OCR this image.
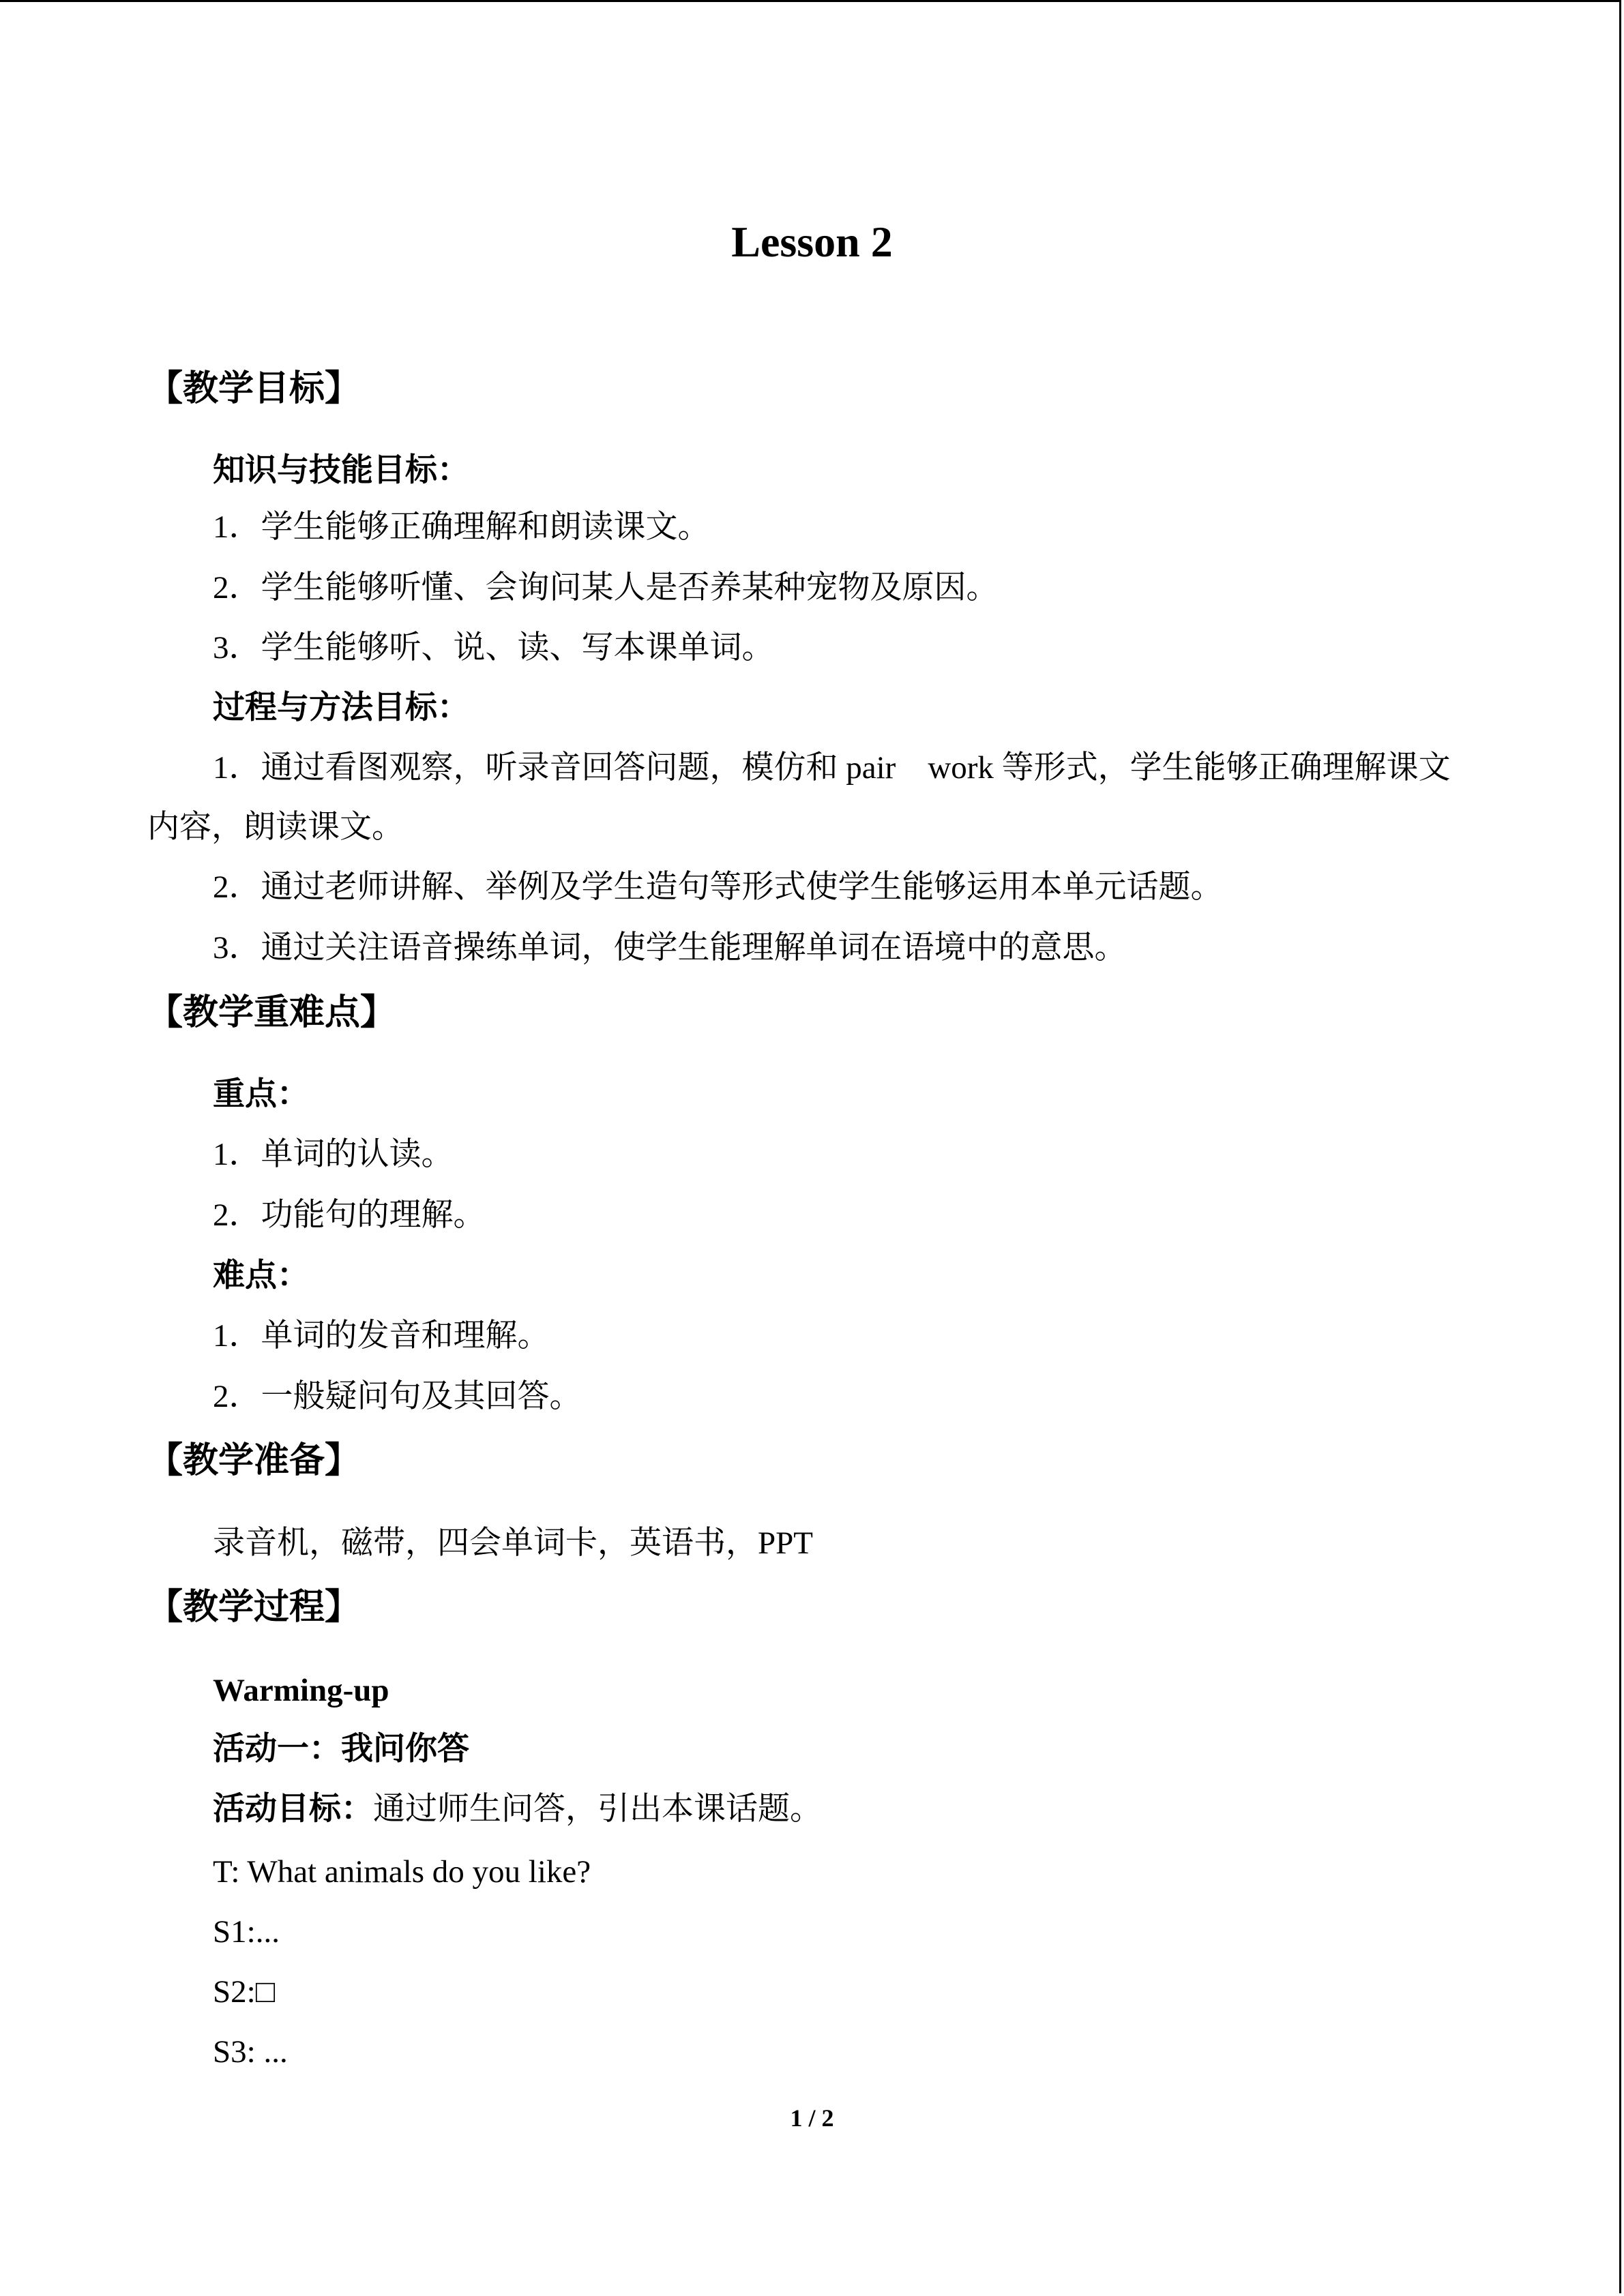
Lesson 2
【教学目标】
知识与技能目标：
1．学生能够正确理解和朗读课文。
2．学生能够听懂、会询问某人是否养某种宠物及原因。
3．学生能够听、说、读、写本课单词。
过程与方法目标：
1．通过看图观察，听录音回答问题，模仿和 pair　work 等形式，学生能够正确理解课文
内容，朗读课文。
2．通过老师讲解、举例及学生造句等形式使学生能够运用本单元话题。
3．通过关注语音操练单词，使学生能理解单词在语境中的意思。
【教学重难点】
重点：
1．单词的认读。
2．功能句的理解。
难点：
1．单词的发音和理解。
2．一般疑问句及其回答。
【教学准备】
录音机，磁带，四会单词卡，英语书，PPT
【教学过程】
Warming-up
活动一：我问你答
活动目标：通过师生问答，引出本课话题。
T: What animals do you like?
S1:...
S2:□
S3: ...
1 / 2
